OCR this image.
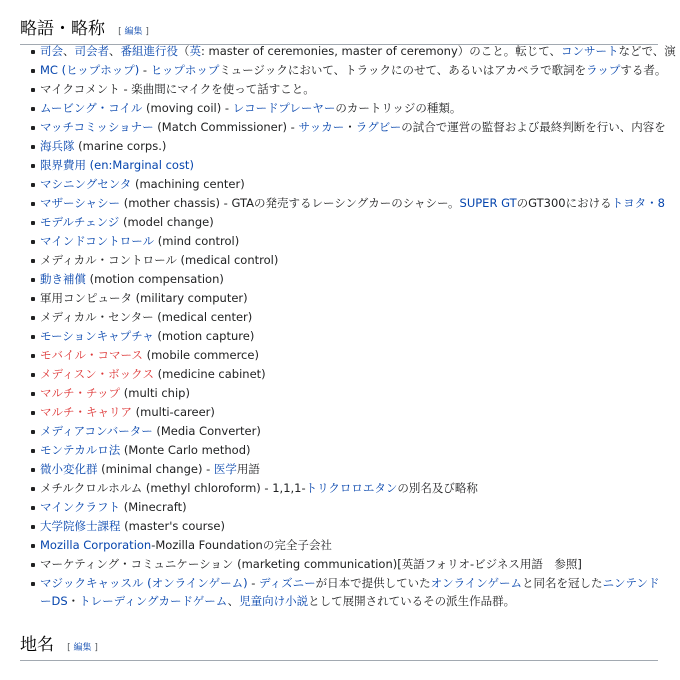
略語・略称 [ 編集 ]
司会、司会者、番組進行役（英: master of ceremonies, master of ceremony）のこと。転じて、コンサートなどで、演
MC (ヒップホップ) - ヒップホップミュージックにおいて、トラックにのせて、あるいはアカペラで歌詞をラップする者。
マイクコメント - 楽曲間にマイクを使って話すこと。
ムービング・コイル (moving coil) - レコードプレーヤーのカートリッジの種類。
マッチコミッショナー (Match Commissioner) - サッカー・ラグビーの試合で運営の監督および最終判断を行い、内容を
海兵隊 (marine corps.)
限界費用 (en:Marginal cost)
マシニングセンタ (machining center)
マザーシャシー (mother chassis) - GTAの発売するレーシングカーのシャシー。SUPER GTのGT300におけるトヨタ・8
モデルチェンジ (model change)
マインドコントロール (mind control)
メディカル・コントロール (medical control)
動き補償 (motion compensation)
軍用コンピュータ (military computer)
メディカル・センター (medical center)
モーションキャプチャ (motion capture)
モバイル・コマース (mobile commerce)
メディスン・ボックス (medicine cabinet)
マルチ・チップ (multi chip)
マルチ・キャリア (multi-career)
メディアコンバーター (Media Converter)
モンテカルロ法 (Monte Carlo method)
微小変化群 (minimal change) - 医学用語
メチルクロルホルム (methyl chloroform) - 1,1,1-トリクロロエタンの別名及び略称
マインクラフト (Minecraft)
大学院修士課程 (master's course)
Mozilla Corporation-Mozilla Foundationの完全子会社
マーケティング・コミュニケーション (marketing communication)[英語フォリオ-ビジネス用語　参照]
マジックキャッスル (オンラインゲーム) - ディズニーが日本で提供していたオンラインゲームと同名を冠したニンテンドーDS・トレーディングカードゲーム、児童向け小説として展開されているその派生作品群。
地名 [ 編集 ]
